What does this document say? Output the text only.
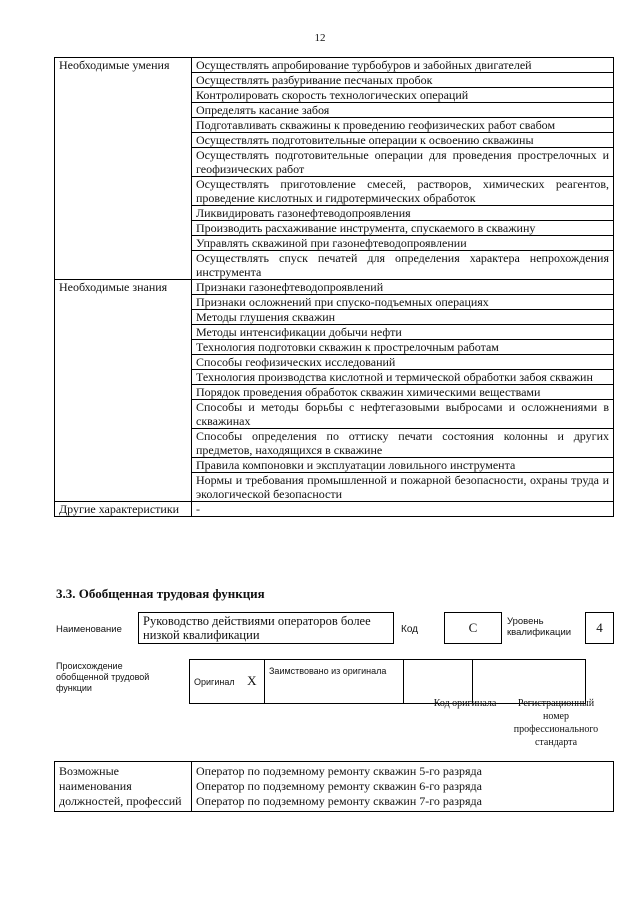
12
Необходимые умения	Осуществлять апробирование турбобуров и забойных двигателей
	Осуществлять разбуривание песчаных пробок
	Контролировать скорость технологических операций
	Определять касание забоя
	Подготавливать скважины к проведению геофизических работ свабом
	Осуществлять подготовительные операции к освоению скважины
	Осуществлять подготовительные операции для проведения прострелочных и геофизических работ
	Осуществлять приготовление смесей, растворов, химических реагентов, проведение кислотных и гидротермических обработок
	Ликвидировать газонефтеводопроявления
	Производить расхаживание инструмента, спускаемого в скважину
	Управлять скважиной при газонефтеводопроявлении
	Осуществлять спуск печатей для определения характера непрохождения инструмента
Необходимые знания	Признаки газонефтеводопроявлений
	Признаки осложнений при спуско-подъемных операциях
	Методы глушения скважин
	Методы интенсификации добычи нефти
	Технология подготовки скважин к прострелочным работам
	Способы геофизических исследований
	Технология производства кислотной и термической обработки забоя скважин
	Порядок проведения обработок скважин химическими веществами
	Способы и методы борьбы с нефтегазовыми выбросами и осложнениями в скважинах
	Способы определения по оттиску печати состояния колонны и других предметов, находящихся в скважине
	Правила компоновки и эксплуатации ловильного инструмента
	Нормы и требования промышленной и пожарной безопасности, охраны труда и экологической безопасности
Другие характеристики	-
3.3. Обобщенная трудовая функция
Наименование
Руководство действиями операторов более низкой квалификации	Код	C	Уровень квалификации	4
Происхождение обобщенной трудовой функции
Оригинал X	Заимствовано из оригинала		
Код оригинала	Регистрационный номер профессионального стандарта
Возможные наименования должностей, профессий	
Оператор по подземному ремонту скважин 5-го разряда
Оператор по подземному ремонту скважин 6-го разряда
Оператор по подземному ремонту скважин 7-го разряда
